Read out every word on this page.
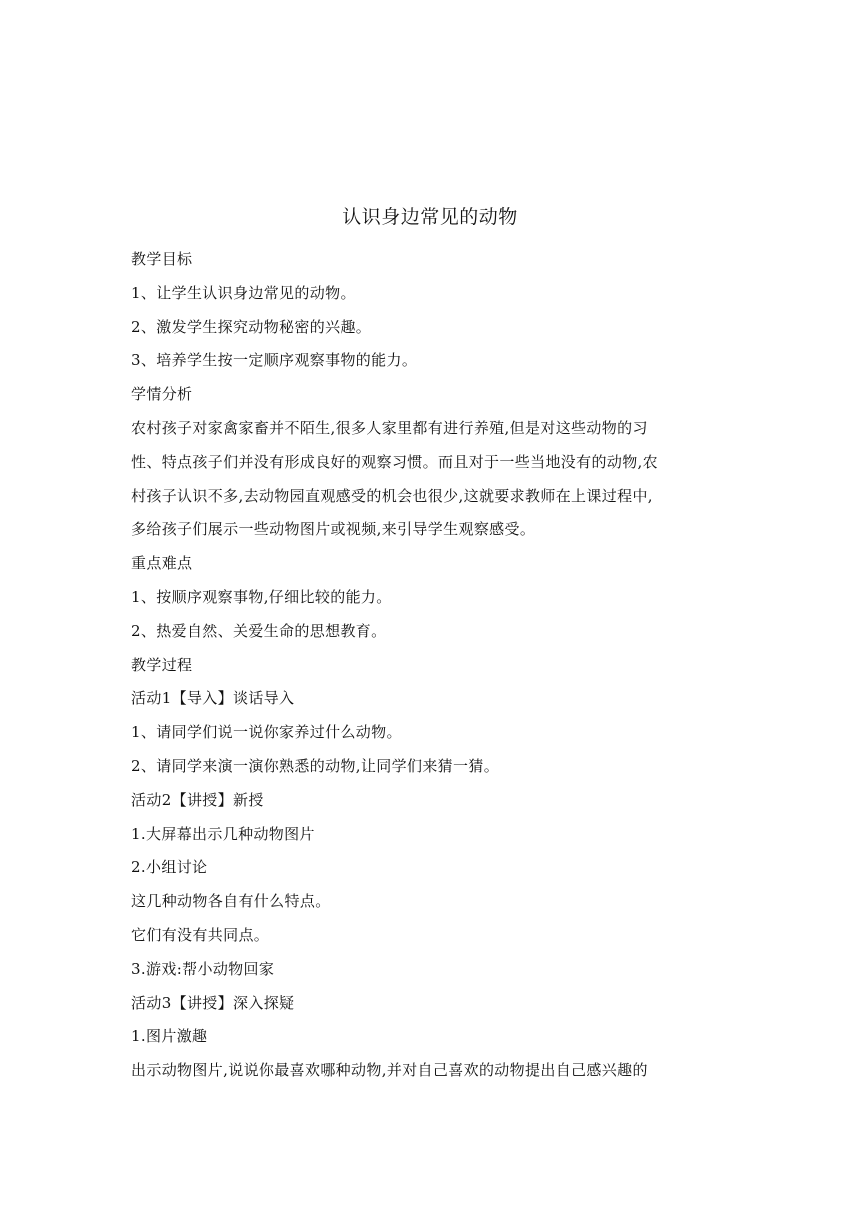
认识身边常见的动物
教学目标
1、让学生认识身边常见的动物。
2、激发学生探究动物秘密的兴趣。
3、培养学生按一定顺序观察事物的能力。
学情分析
农村孩子对家禽家畜并不陌生,很多人家里都有进行养殖,但是对这些动物的习
性、特点孩子们并没有形成良好的观察习惯。而且对于一些当地没有的动物,农
村孩子认识不多,去动物园直观感受的机会也很少,这就要求教师在上课过程中,
多给孩子们展示一些动物图片或视频,来引导学生观察感受。
重点难点
1、按顺序观察事物,仔细比较的能力。
2、热爱自然、关爱生命的思想教育。
教学过程
活动1【导入】谈话导入
1、请同学们说一说你家养过什么动物。
2、请同学来演一演你熟悉的动物,让同学们来猜一猜。
活动2【讲授】新授
1.大屏幕出示几种动物图片
2.小组讨论
这几种动物各自有什么特点。
它们有没有共同点。
3.游戏:帮小动物回家
活动3【讲授】深入探疑
1.图片激趣
出示动物图片,说说你最喜欢哪种动物,并对自己喜欢的动物提出自己感兴趣的
